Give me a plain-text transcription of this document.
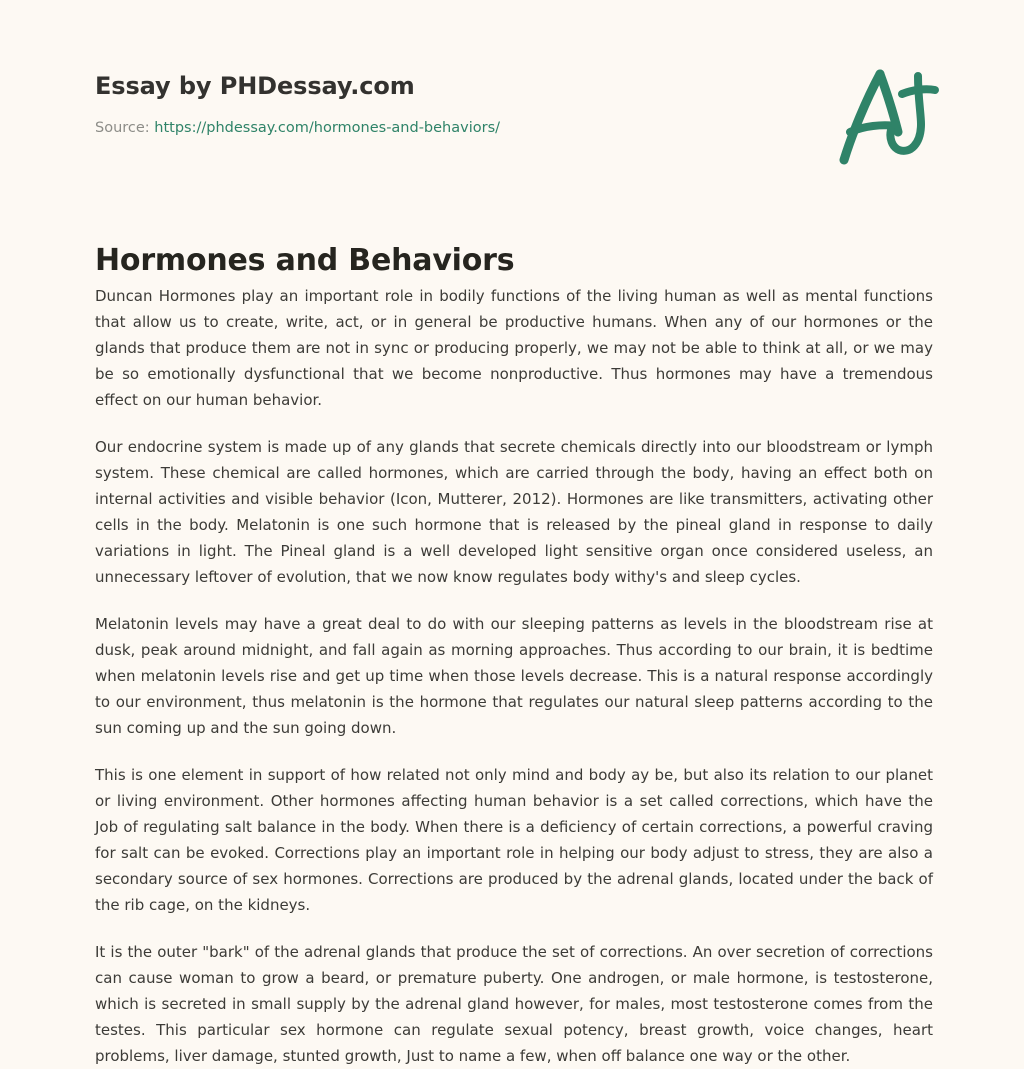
Essay by PHDessay.com
Source: https://phdessay.com/hormones-and-behaviors/
Hormones and Behaviors

Duncan Hormones play an important role in bodily functions of the living human as well as mental functions that allow us to create, write, act, or in general be productive humans. When any of our hormones or the glands that produce them are not in sync or producing properly, we may not be able to think at all, or we may be so emotionally dysfunctional that we become nonproductive. Thus hormones may have a tremendous effect on our human behavior.

Our endocrine system is made up of any glands that secrete chemicals directly into our bloodstream or lymph system. These chemical are called hormones, which are carried through the body, having an effect both on internal activities and visible behavior (Icon, Mutterer, 2012). Hormones are like transmitters, activating other cells in the body. Melatonin is one such hormone that is released by the pineal gland in response to daily variations in light. The Pineal gland is a well developed light sensitive organ once considered useless, an unnecessary leftover of evolution, that we now know regulates body withy's and sleep cycles.

Melatonin levels may have a great deal to do with our sleeping patterns as levels in the bloodstream rise at dusk, peak around midnight, and fall again as morning approaches. Thus according to our brain, it is bedtime when melatonin levels rise and get up time when those levels decrease. This is a natural response accordingly to our environment, thus melatonin is the hormone that regulates our natural sleep patterns according to the sun coming up and the sun going down.

This is one element in support of how related not only mind and body ay be, but also its relation to our planet or living environment. Other hormones affecting human behavior is a set called corrections, which have the Job of regulating salt balance in the body. When there is a deficiency of certain corrections, a powerful craving for salt can be evoked. Corrections play an important role in helping our body adjust to stress, they are also a secondary source of sex hormones. Corrections are produced by the adrenal glands, located under the back of the rib cage, on the kidneys.

It is the outer "bark" of the adrenal glands that produce the set of corrections. An over secretion of corrections can cause woman to grow a beard, or premature puberty. One androgen, or male hormone, is testosterone, which is secreted in small supply by the adrenal gland however, for males, most testosterone comes from the testes. This particular sex hormone can regulate sexual potency, breast growth, voice changes, heart problems, liver damage, stunted growth, Just to name a few, when off balance one way or the other.
